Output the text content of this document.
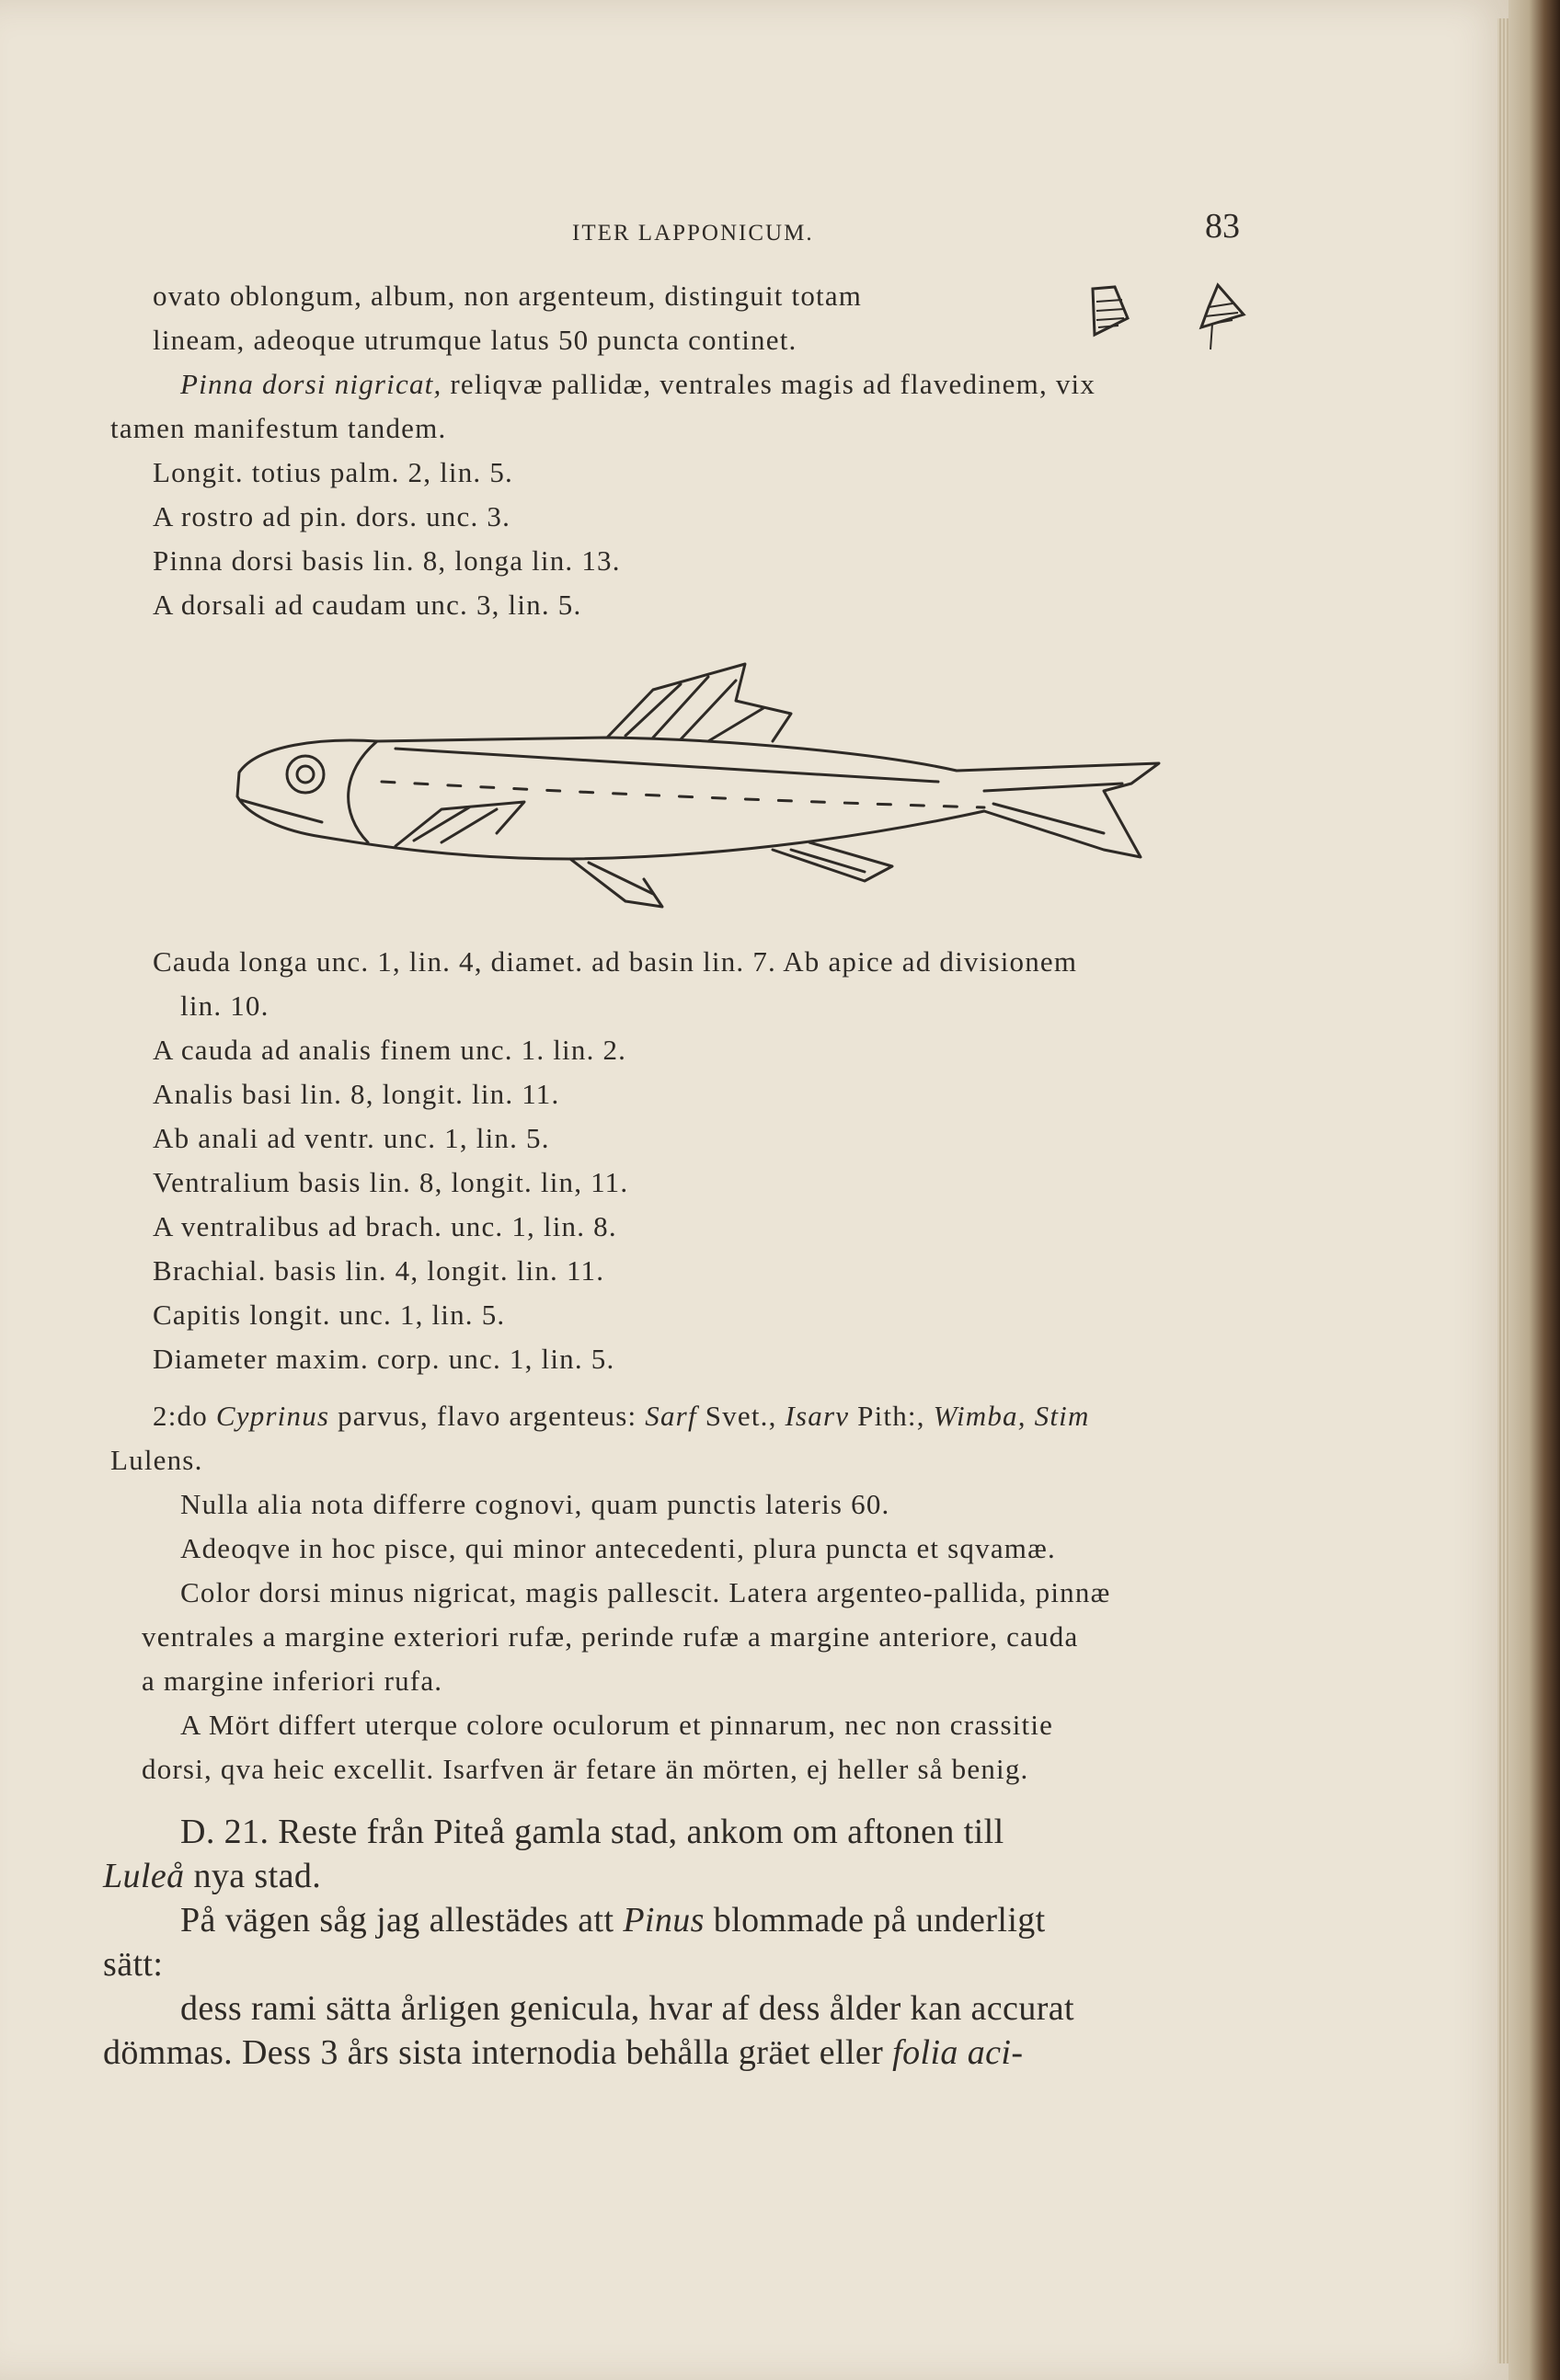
ITER LAPPONICUM.	83
ovato oblongum, album, non argenteum, distinguit totam
lineam, adeoque utrumque latus 50 puncta continet.
Pinna dorsi nigricat, reliqvæ pallidæ, ventrales magis ad flavedinem, vix
tamen manifestum tandem.
Longit. totius palm. 2, lin. 5.
A rostro ad pin. dors. unc. 3.
Pinna dorsi basis lin. 8, longa lin. 13.
A dorsali ad caudam unc. 3, lin. 5.
Cauda longa unc. 1, lin. 4, diamet. ad basin lin. 7. Ab apice ad divisionem
lin. 10.
A cauda ad analis finem unc. 1. lin. 2.
Analis basi lin. 8, longit. lin. 11.
Ab anali ad ventr. unc. 1, lin. 5.
Ventralium basis lin. 8, longit. lin, 11.
A ventralibus ad brach. unc. 1, lin. 8.
Brachial. basis lin. 4, longit. lin. 11.
Capitis longit. unc. 1, lin. 5.
Diameter maxim. corp. unc. 1, lin. 5.
2:do Cyprinus parvus, flavo argenteus: Sarf Svet., Isarv Pith:, Wimba, Stim
Lulens.
Nulla alia nota differre cognovi, quam punctis lateris 60.
Adeoqve in hoc pisce, qui minor antecedenti, plura puncta et sqvamæ.
Color dorsi minus nigricat, magis pallescit. Latera argenteo-pallida, pinnæ
ventrales a margine exteriori rufæ, perinde rufæ a margine anteriore, cauda
a margine inferiori rufa.
A Mört differt uterque colore oculorum et pinnarum, nec non crassitie
dorsi, qva heic excellit. Isarfven är fetare än mörten, ej heller så benig.
D. 21. Reste från Piteå gamla stad, ankom om aftonen till
Luleå nya stad.
På vägen såg jag allestädes att Pinus blommade på underligt
sätt:
dess rami sätta årligen genicula, hvar af dess ålder kan accurat
dömmas. Dess 3 års sista internodia behålla gräet eller folia aci-
